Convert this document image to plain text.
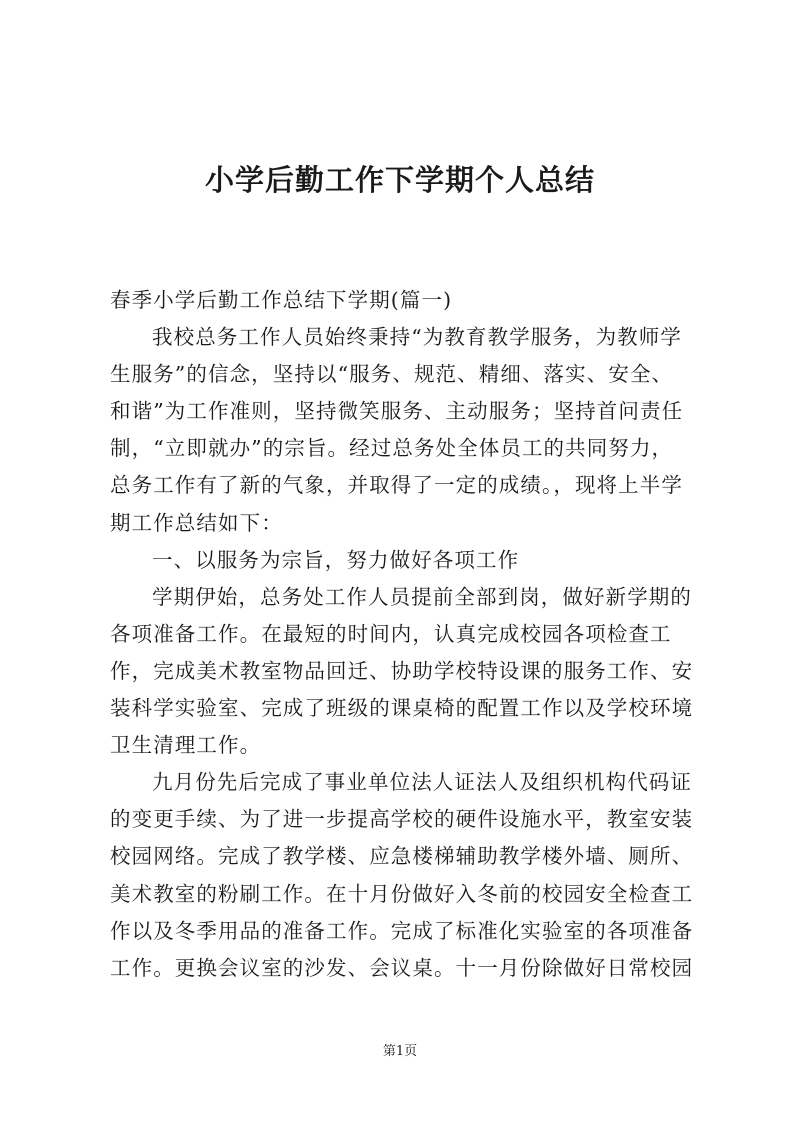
小学后勤工作下学期个人总结
春季小学后勤工作总结下学期(篇一)
我校总务工作人员始终秉持“为教育教学服务，为教师学
生服务”的信念，坚持以“服务、规范、精细、落实、安全、
和谐”为工作准则，坚持微笑服务、主动服务；坚持首问责任
制，“立即就办”的宗旨。经过总务处全体员工的共同努力，
总务工作有了新的气象，并取得了一定的成绩。，现将上半学
期工作总结如下：
一、以服务为宗旨，努力做好各项工作
学期伊始，总务处工作人员提前全部到岗，做好新学期的
各项准备工作。在最短的时间内，认真完成校园各项检查工
作，完成美术教室物品回迁、协助学校特设课的服务工作、安
装科学实验室、完成了班级的课桌椅的配置工作以及学校环境
卫生清理工作。
九月份先后完成了事业单位法人证法人及组织机构代码证
的变更手续、为了进一步提高学校的硬件设施水平，教室安装
校园网络。完成了教学楼、应急楼梯辅助教学楼外墙、厕所、
美术教室的粉刷工作。在十月份做好入冬前的校园安全检查工
作以及冬季用品的准备工作。完成了标准化实验室的各项准备
工作。更换会议室的沙发、会议桌。十一月份除做好日常校园
第1页
